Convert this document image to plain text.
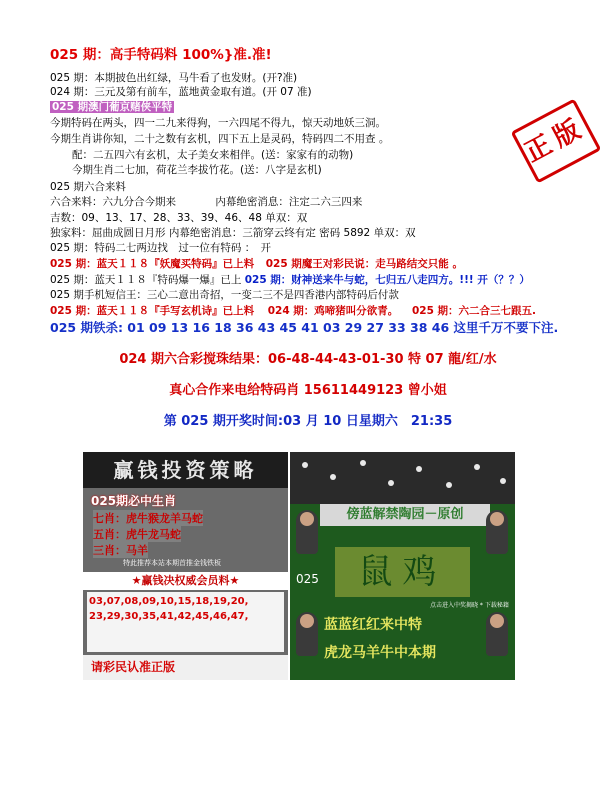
025 期：高手特码料 100%}准.准!
025 期：本期披色出红绿，马牛看了也发财。(开?准)
024 期：三元及第有前车，蓝地黄金取有道。(开 07 准)
025 期澳门葡京赌侠平特
今期特码在两头，四一二九来得狗，一六四尾不得九，惊天动地妖三洞。
今期生肖讲你知，二十之数有玄机，四下五上是灵码，特码四二不用查 。
配：二五四六有玄机，太子美女来相伴。(送：家家有的动物)
今期生肖二七加，荷花兰李拔竹花。(送：八字是玄机)
025 期六合来料
六合来料：六九分合今期来	内幕绝密消息：注定二六三四来
吉数：09、13、17、28、33、39、46、48 单双：双
独家料：屈曲成圆日月形 内幕绝密消息：三箭穿云终有定 密码 5892 单双：双
025 期：特码二七两边找　过一位有特码 ：　开
025 期：蓝天１１８『妖魔买特码』已上料 025 期魔王对彩民说：走马路结交只能 。
025 期：蓝天１１８『特码爆一爆』已上 025 期：财神送来牛与蛇，七归五八走四方。!!! 开（？？）
025 期手机短信王：三心二意出奇招，一变二三不是四香港内部特码后付款
025 期：蓝天１１８『手写玄机诗』已上料 024 期：鸡啼猪叫分欲青。 025 期：六二合三七跟五.
025 期铁杀: 01 09 13 16 18 36 43 45 41 03 29 27 33 38 46 这里千万不要下注.
正版
024 期六合彩搅珠结果：06-48-44-43-01-30 特 07 龍/红/水
真心合作来电给特码肖 15611449123 曾小姐
第 025 期开奖时间:03 月 10 日星期六　21:35
赢钱投资策略
025期必中生肖
七肖：虎牛猴龙羊马蛇
五肖：虎牛龙马蛇
三肖：马羊
特此推荐本站本期首推金钱铁板
★赢钱决权威会员料★
03,07,08,09,10,15,18,19,20,
23,29,30,35,41,42,45,46,47,
请彩民认准正版
傍蓝解禁陶园－原创
025	鼠鸡
点击进入中奖揭晓 * 下载秘籍
蓝蓝红红来中特
虎龙马羊牛中本期
